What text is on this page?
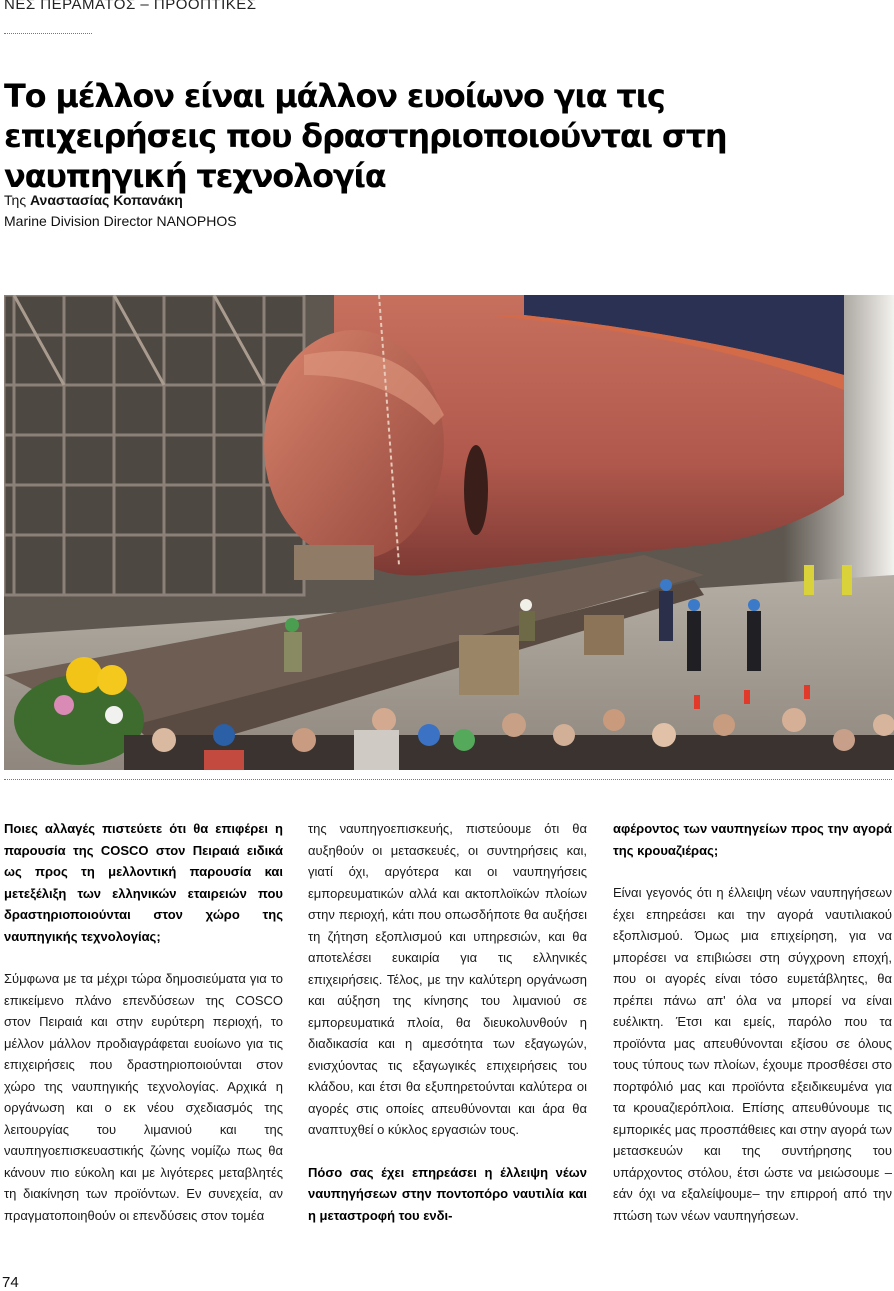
ΝΕΣ ΠΕΡΑΜΑΤΟΣ – ΠΡΟΟΠΤΙΚΕΣ
Το μέλλον είναι μάλλον ευοίωνο για τις επιχειρήσεις που δραστηριοποιούνται στη ναυπηγική τεχνολογία
Της Αναστασίας Κοπανάκη
Marine Division Director NANOPHOS

Ποιες αλλαγές πιστεύετε ότι θα επιφέρει η παρουσία της COSCO στον Πειραιά ειδικά ως προς τη μελλοντική παρουσία και μετεξέλιξη των ελληνικών εταιρειών που δραστηριοποιούνται στον χώρο της ναυπηγικής τεχνολογίας;

Σύμφωνα με τα μέχρι τώρα δημοσιεύματα για το επικείμενο πλάνο επενδύσεων της COSCO στον Πειραιά και στην ευρύτερη περιοχή, το μέλλον μάλλον προδιαγράφεται ευοίωνο για τις επιχειρήσεις που δραστηριοποιούνται στον χώρο της ναυπηγικής τεχνολογίας. Αρχικά η οργάνωση και ο εκ νέου σχεδιασμός της λειτουργίας του λιμανιού και της ναυπηγοεπισκευαστικής ζώνης νομίζω πως θα κάνουν πιο εύκολη και με λιγότερες μεταβλητές τη διακίνηση των προϊόντων. Εν συνεχεία, αν πραγματοποιηθούν οι επενδύσεις στον τομέα

της ναυπηγοεπισκευής, πιστεύουμε ότι θα αυξηθούν οι μετασκευές, οι συντηρήσεις και, γιατί όχι, αργότερα και οι ναυπηγήσεις εμπορευματικών αλλά και ακτοπλοϊκών πλοίων στην περιοχή, κάτι που οπωσδήποτε θα αυξήσει τη ζήτηση εξοπλισμού και υπηρεσιών, και θα αποτελέσει ευκαιρία για τις ελληνικές επιχειρήσεις. Τέλος, με την καλύτερη οργάνωση και αύξηση της κίνησης του λιμανιού σε εμπορευματικά πλοία, θα διευκολυνθούν η διαδικασία και η αμεσότητα των εξαγωγών, ενισχύοντας τις εξαγωγικές επιχειρήσεις του κλάδου, και έτσι θα εξυπηρετούνται καλύτερα οι αγορές στις οποίες απευθύνονται και άρα θα αναπτυχθεί ο κύκλος εργασιών τους.

Πόσο σας έχει επηρεάσει η έλλειψη νέων ναυπηγήσεων στην ποντοπόρο ναυτιλία και η μεταστροφή του ενδι-

αφέροντος των ναυπηγείων προς την αγορά της κρουαζιέρας;

Είναι γεγονός ότι η έλλειψη νέων ναυπηγήσεων έχει επηρεάσει και την αγορά ναυτιλιακού εξοπλισμού. Όμως μια επιχείρηση, για να μπορέσει να επιβιώσει στη σύγχρονη εποχή, που οι αγορές είναι τόσο ευμετάβλητες, θα πρέπει πάνω απ' όλα να μπορεί να είναι ευέλικτη. Έτσι και εμείς, παρόλο που τα προϊόντα μας απευθύνονται εξίσου σε όλους τους τύπους των πλοίων, έχουμε προσθέσει στο πορτφόλιό μας και προϊόντα εξειδικευμένα για τα κρουαζιερόπλοια. Επίσης απευθύνουμε τις εμπορικές μας προσπάθειες και στην αγορά των μετασκευών και της συντήρησης του υπάρχοντος στόλου, έτσι ώστε να μειώσουμε –εάν όχι να εξαλείψουμε– την επιρροή από την πτώση των νέων ναυπηγήσεων.

74
